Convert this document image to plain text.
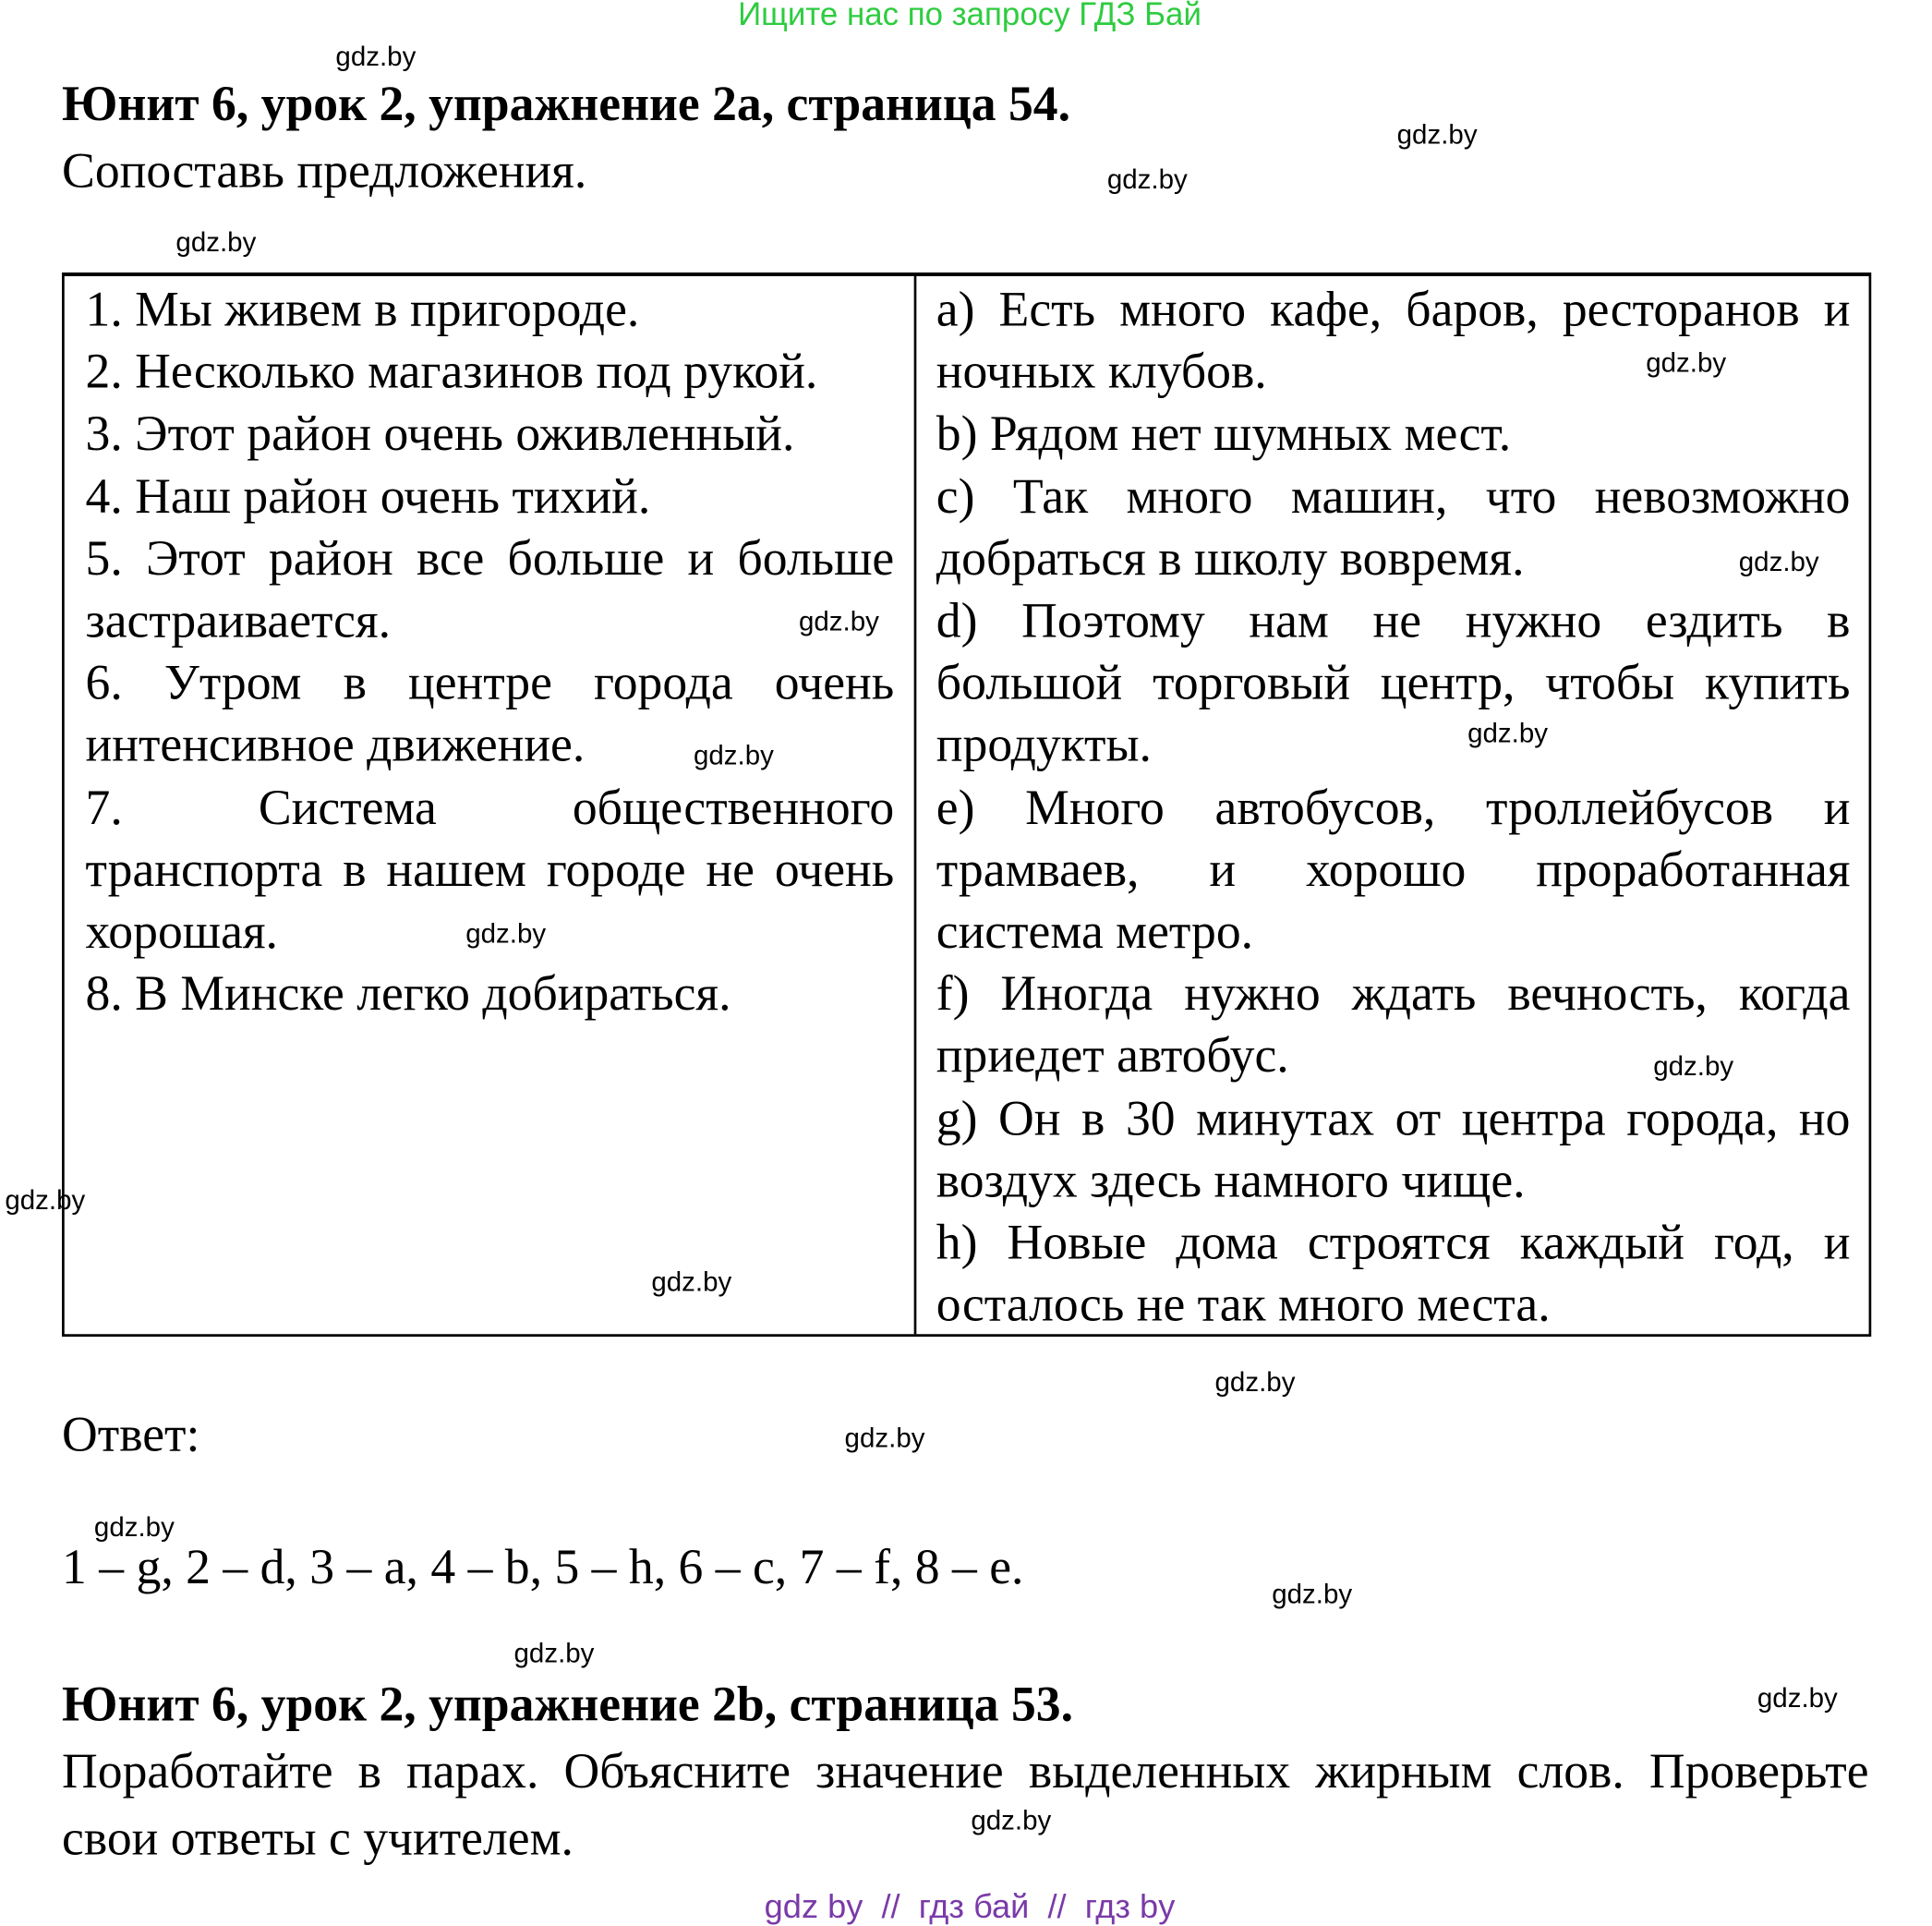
Ищите нас по запросу ГДЗ Бай
Юнит 6, урок 2, упражнение 2a, страница 54.
Сопоставь предложения.

1. Мы живем в пригороде.

2. Несколько магазинов под рукой.

3. Этот район очень оживленный.

4. Наш район очень тихий.

5. Этот район все больше и больше застраивается.

6. Утром в центре города очень интенсивное движение.

7. Система общественного транспорта в нашем городе не очень хорошая.

8. В Минске легко добираться.

a) Есть много кафе, баров, ресторанов и ночных клубов.

b) Рядом нет шумных мест.

c) Так много машин, что невозможно добраться в школу вовремя.

d) Поэтому нам не нужно ездить в большой торговый центр, чтобы купить продукты.

e) Много автобусов, троллейбусов и трамваев, и хорошо проработанная система метро.

f) Иногда нужно ждать вечность, когда приедет автобус.

g) Он в 30 минутах от центра города, но воздух здесь намного чище.

h) Новые дома строятся каждый год, и осталось не так много места.

Ответ:
1 – g, 2 – d, 3 – a, 4 – b, 5 – h, 6 – c, 7 – f, 8 – e.
Юнит 6, урок 2, упражнение 2b, страница 53.
Поработайте в парах. Объясните значение выделенных жирным слов. Проверьте свои ответы с учителем.
gdz by  //  гдз бай  //  гдз by
gdz.by
gdz.by
gdz.by
gdz.by
gdz.by
gdz.by
gdz.by
gdz.by
gdz.by
gdz.by
gdz.by
gdz.by
gdz.by
gdz.by
gdz.by
gdz.by
gdz.by
gdz.by
gdz.by
gdz.by
